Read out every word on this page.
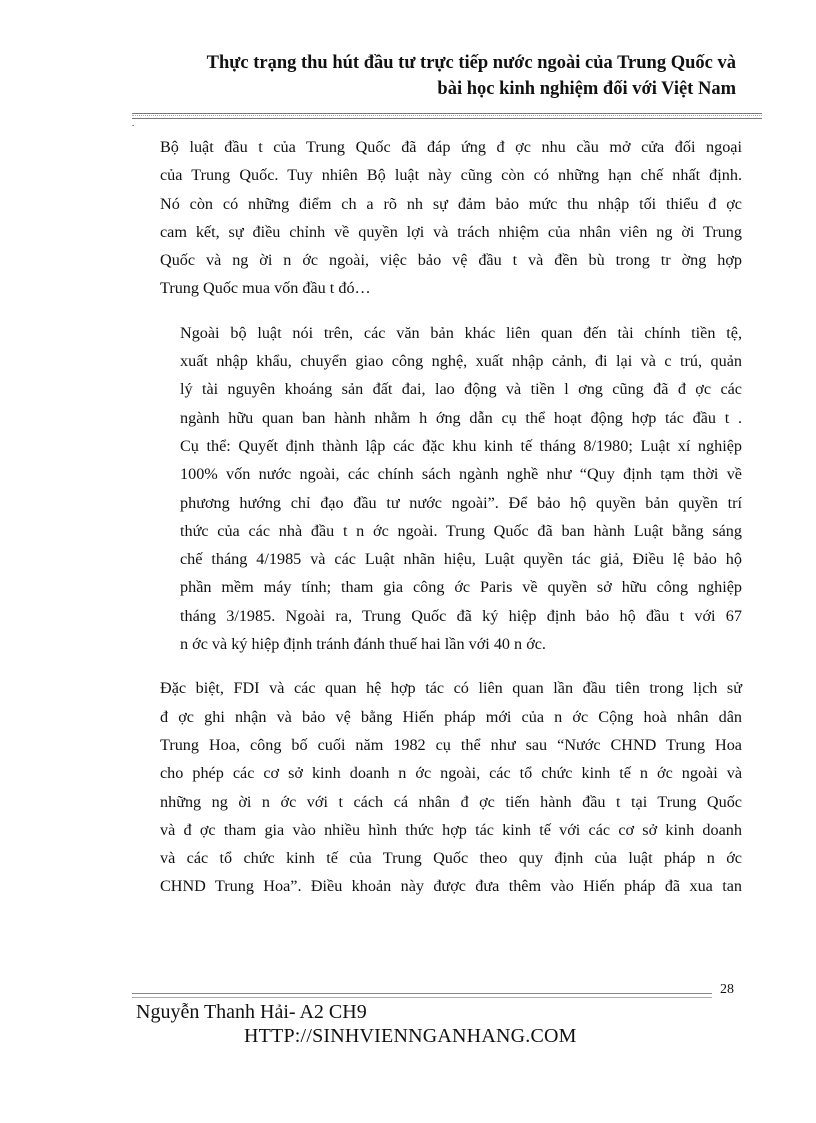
Thực trạng thu hút đầu tư trực tiếp nước ngoài của Trung Quốc và
bài học kinh nghiệm đối với Việt Nam
.

Bộ luật đầu t của Trung Quốc đã đáp ứng đ ợc nhu cầu mở cửa đối ngoại
của Trung Quốc. Tuy nhiên Bộ luật này cũng còn có những hạn chế nhất định.
Nó còn có những điểm ch a rõ nh sự đảm bảo mức thu nhập tối thiểu đ ợc
cam kết, sự điều chỉnh về quyền lợi và trách nhiệm của nhân viên ng ời Trung
Quốc và ng ời n ớc ngoài, việc bảo vệ đầu t và đền bù trong tr ờng hợp
Trung Quốc mua vốn đầu t đó…

Ngoài bộ luật nói trên, các văn bản khác liên quan đến tài chính tiền tệ,
xuất nhập khẩu, chuyển giao công nghệ, xuất nhập cảnh, đi lại và c trú, quản
lý tài nguyên khoáng sản đất đai, lao động và tiền l ơng cũng đã đ ợc các
ngành hữu quan ban hành nhằm h ớng dẫn cụ thể hoạt động hợp tác đầu t .
Cụ thể: Quyết định thành lập các đặc khu kinh tế tháng 8/1980; Luật xí nghiệp
100% vốn nước ngoài, các chính sách ngành nghề như “Quy định tạm thời về
phương hướng chỉ đạo đầu tư nước ngoài”. Để bảo hộ quyền bản quyền trí
thức của các nhà đầu t n ớc ngoài. Trung Quốc đã ban hành Luật bằng sáng
chế tháng 4/1985 và các Luật nhãn hiệu, Luật quyền tác giả, Điều lệ bảo hộ
phần mềm máy tính; tham gia công ớc Paris về quyền sở hữu công nghiệp
tháng 3/1985. Ngoài ra, Trung Quốc đã ký hiệp định bảo hộ đầu t với 67
n ớc và ký hiệp định tránh đánh thuế hai lần với 40 n ớc.

Đặc biệt, FDI và các quan hệ hợp tác có liên quan lần đầu tiên trong lịch sử
đ ợc ghi nhận và bảo vệ bằng Hiến pháp mới của n ớc Cộng hoà nhân dân
Trung Hoa, công bố cuối năm 1982 cụ thể như sau “Nước CHND Trung Hoa
cho phép các cơ sở kinh doanh n ớc ngoài, các tổ chức kinh tế n ớc ngoài và
những ng ời n ớc với t cách cá nhân đ ợc tiến hành đầu t tại Trung Quốc
và đ ợc tham gia vào nhiều hình thức hợp tác kinh tế với các cơ sở kinh doanh
và các tổ chức kinh tế của Trung Quốc theo quy định của luật pháp n ớc
CHND Trung Hoa”. Điều khoản này được đưa thêm vào Hiến pháp đã xua tan

28
Nguyễn Thanh Hải- A2 CH9
HTTP://SINHVIENNGANHANG.COM
